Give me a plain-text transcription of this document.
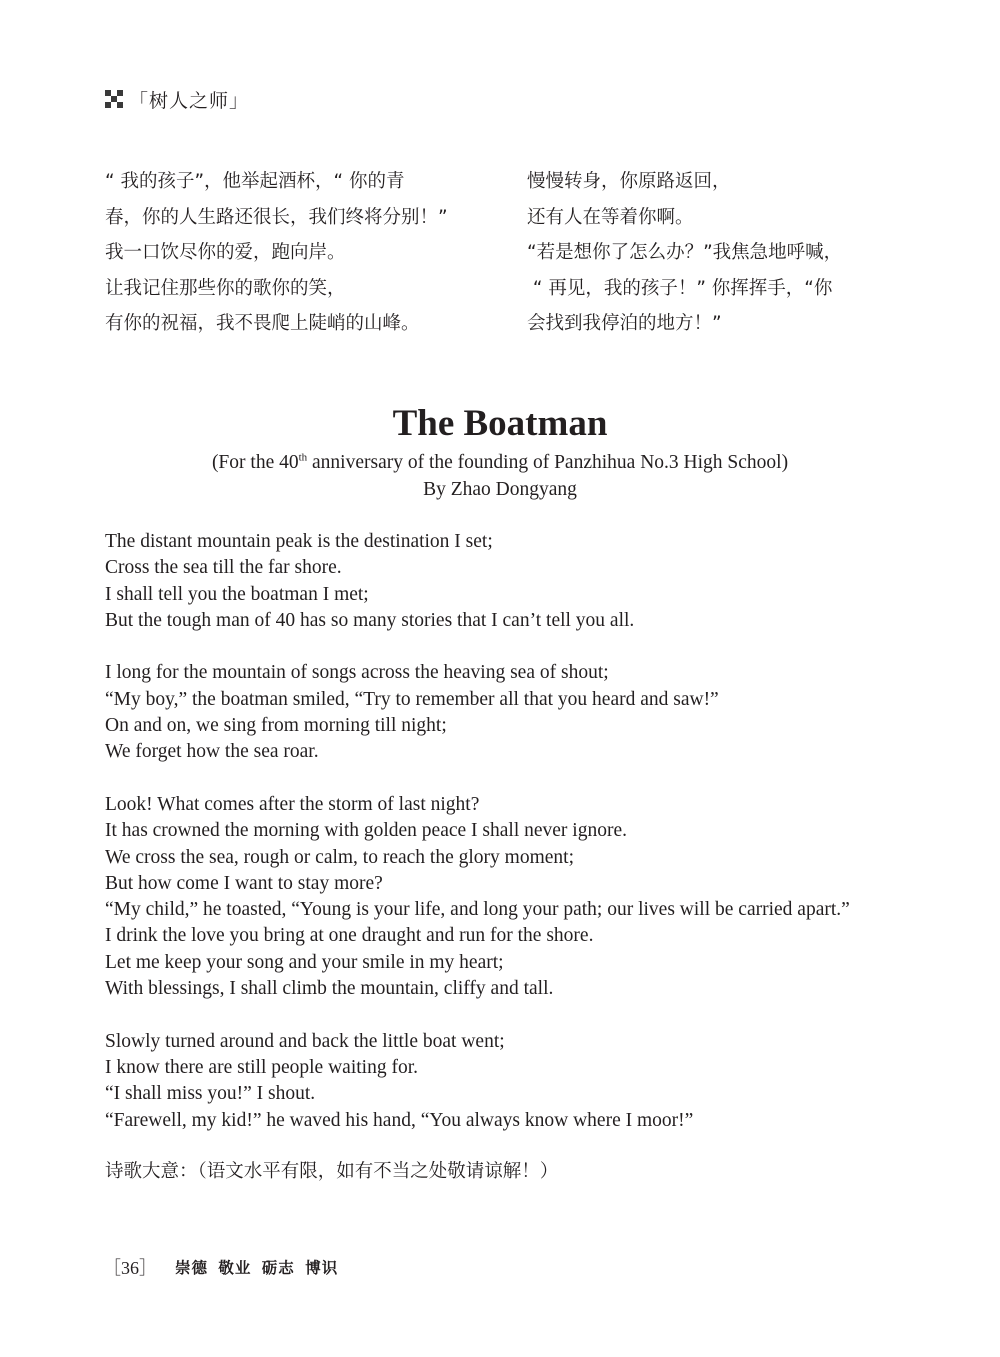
「树人之师」

“ 我的孩子”，他举起酒杯，“ 你的青

春，你的人生路还很长，我们终将分别！”

我一口饮尽你的爱，跑向岸。

让我记住那些你的歌你的笑，

有你的祝福，我不畏爬上陡峭的山峰。

慢慢转身，你原路返回，

还有人在等着你啊。

“若是想你了怎么办？”我焦急地呼喊，

“ 再见，我的孩子！” 你挥挥手，“你

会找到我停泊的地方！”

The Boatman

(For the 40th anniversary of the founding of Panzhihua No.3 High School)

By Zhao Dongyang

The distant mountain peak is the destination I set;

Cross the sea till the far shore.

I shall tell you the boatman I met;

But the tough man of 40 has so many stories that I can’t tell you all.

I long for the mountain of songs across the heaving sea of shout;

“My boy,” the boatman smiled, “Try to remember all that you heard and saw!”

On and on, we sing from morning till night;

We forget how the sea roar.

Look! What comes after the storm of last night?

It has crowned the morning with golden peace I shall never ignore.

We cross the sea, rough or calm, to reach the glory moment;

But how come I want to stay more?

“My child,” he toasted, “Young is your life, and long your path; our lives will be carried apart.”

I drink the love you bring at one draught and run for the shore.

Let me keep your song and your smile in my heart;

With blessings, I shall climb the mountain, cliffy and tall.

Slowly turned around and back the little boat went;

I know there are still people waiting for.

“I shall miss you!” I shout.

“Farewell, my kid!” he waved his hand, “You always know where I moor!”

诗歌大意：（语文水平有限，如有不当之处敬请谅解！）

［36］ 崇德 敬业 砺志 博识
